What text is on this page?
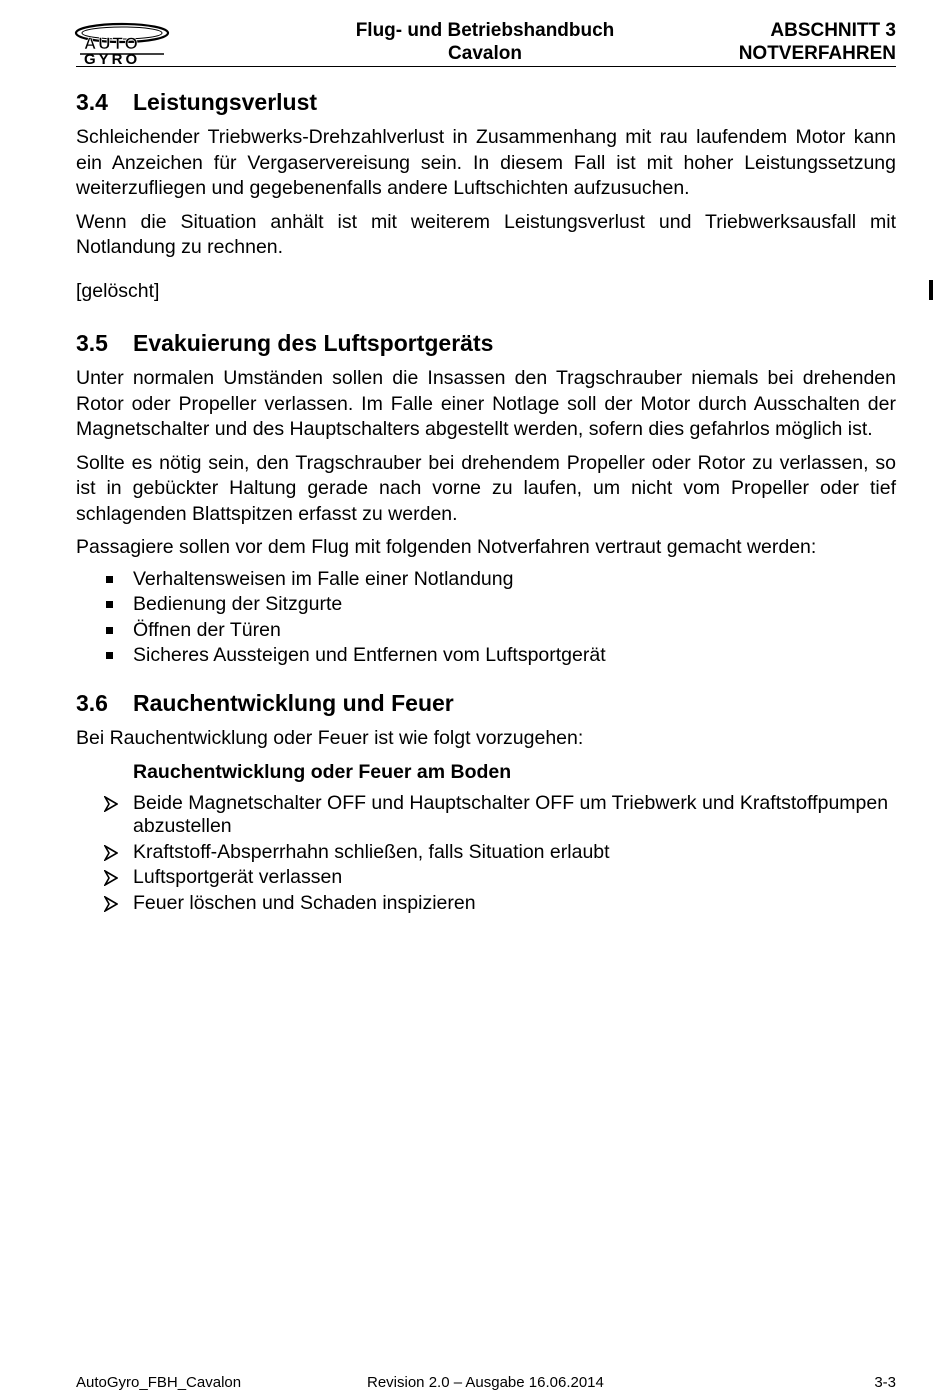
AUTO
GYRO
Flug- und Betriebshandbuch
Cavalon
ABSCHNITT 3
NOTVERFAHREN
3.4	Leistungsverlust

Schleichender Triebwerks-Drehzahlverlust in Zusammenhang mit rau laufendem Motor kann ein Anzeichen für Vergaservereisung sein. In diesem Fall ist mit hoher Leistungssetzung weiterzufliegen und gegebenenfalls andere Luftschichten aufzusuchen.

Wenn die Situation anhält ist mit weiterem Leistungsverlust und Triebwerksausfall mit Notlandung zu rechnen.

[gelöscht]

3.5	Evakuierung des Luftsportgeräts

Unter normalen Umständen sollen die Insassen den Tragschrauber niemals bei drehenden Rotor oder Propeller verlassen. Im Falle einer Notlage soll der Motor durch Ausschalten der Magnetschalter und des Hauptschalters abgestellt werden, sofern dies gefahrlos möglich ist.

Sollte es nötig sein, den Tragschrauber bei drehendem Propeller oder Rotor zu verlassen, so ist in gebückter Haltung gerade nach vorne zu laufen, um nicht vom Propeller oder tief schlagenden Blattspitzen erfasst zu werden.

Passagiere sollen vor dem Flug mit folgenden Notverfahren vertraut gemacht werden:

Verhaltensweisen im Falle einer Notlandung
Bedienung der Sitzgurte
Öffnen der Türen
Sicheres Aussteigen und Entfernen vom Luftsportgerät
3.6	Rauchentwicklung und Feuer

Bei Rauchentwicklung oder Feuer ist wie folgt vorzugehen:

Rauchentwicklung oder Feuer am Boden
Beide Magnetschalter OFF und Hauptschalter OFF um Triebwerk und Kraftstoffpumpen abzustellen
Kraftstoff-Absperrhahn schließen, falls Situation erlaubt
Luftsportgerät verlassen
Feuer löschen und Schaden inspizieren
AutoGyro_FBH_Cavalon	Revision 2.0 – Ausgabe 16.06.2014	3-3
